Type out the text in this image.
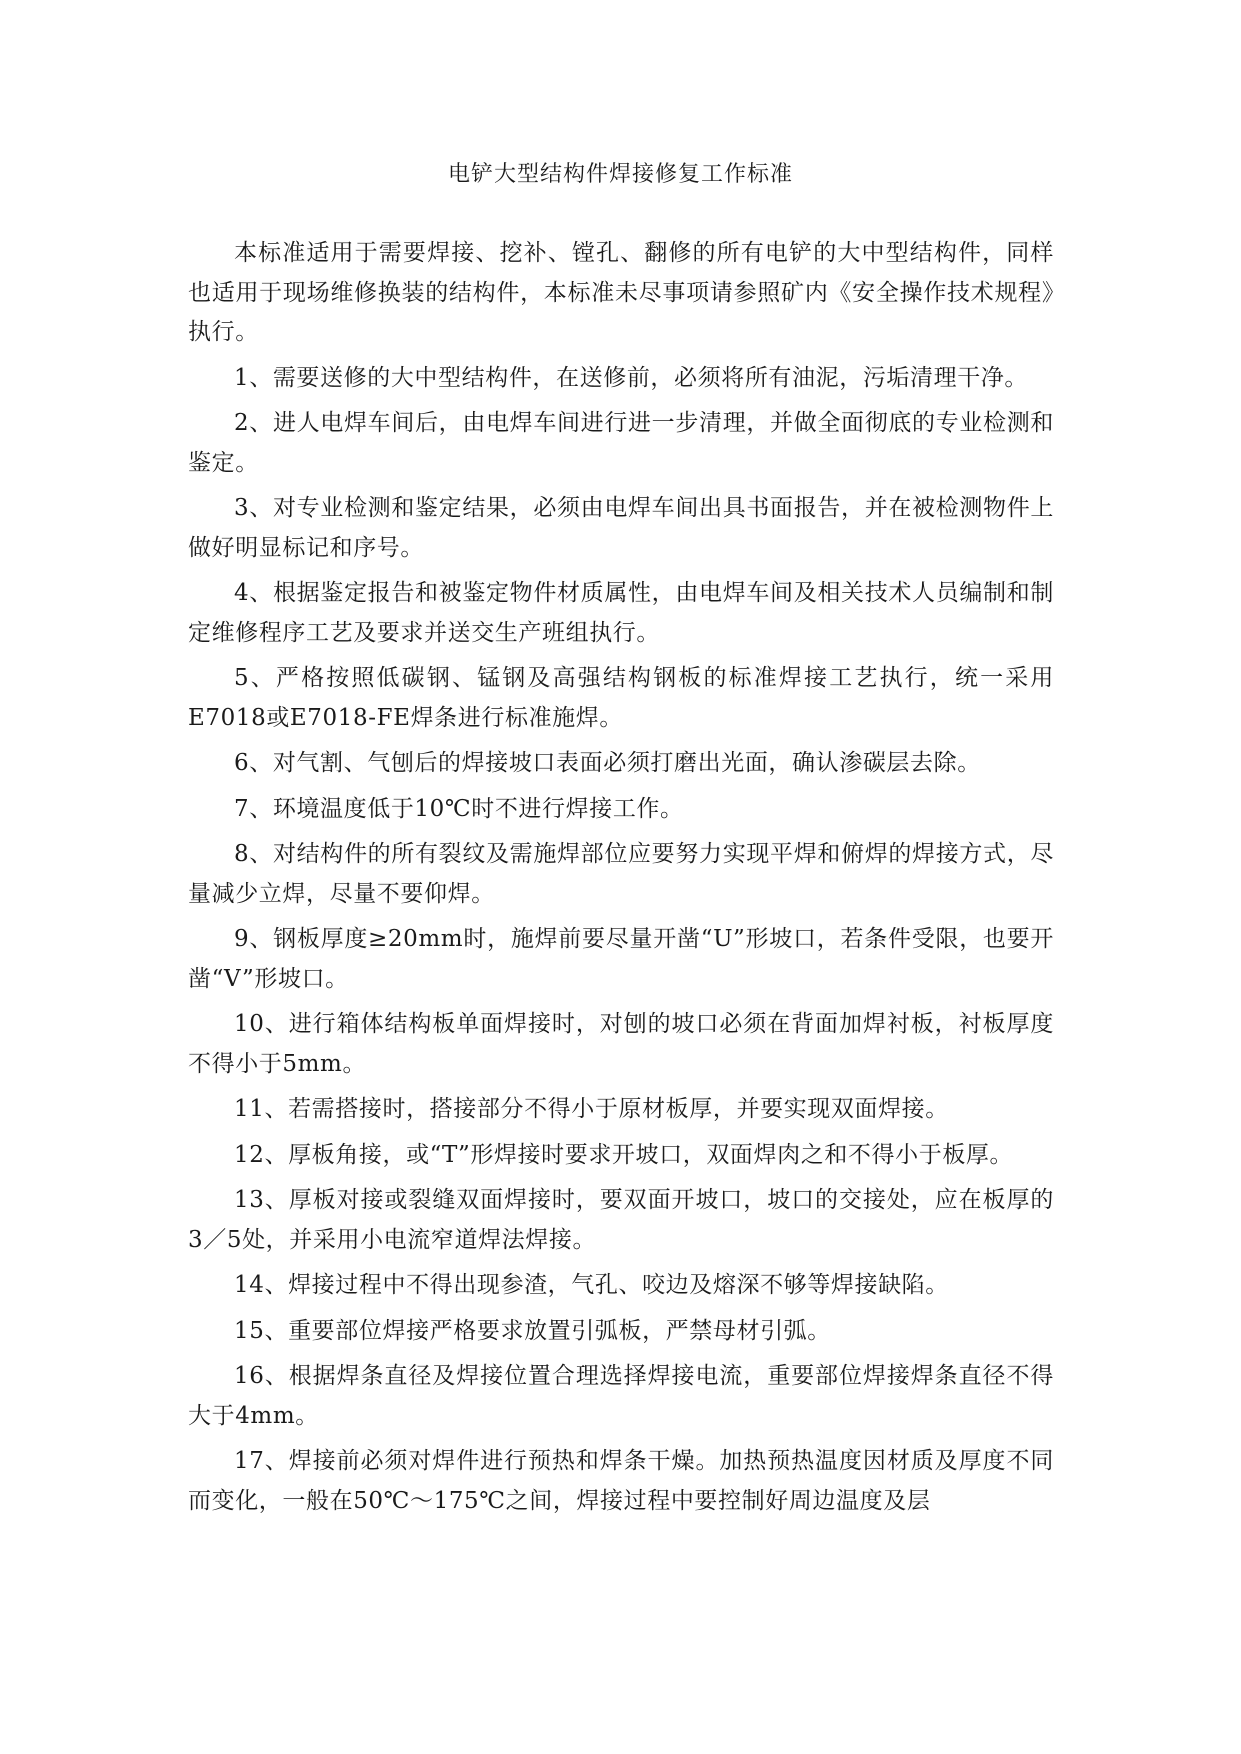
电铲大型结构件焊接修复工作标准

本标准适用于需要焊接、挖补、镗孔、翻修的所有电铲的大中型结构件，同样也适用于现场维修换装的结构件，本标准未尽事项请参照矿内《安全操作技术规程》执行。

1、需要送修的大中型结构件，在送修前，必须将所有油泥，污垢清理干净。

2、进人电焊车间后，由电焊车间进行进一步清理，并做全面彻底的专业检测和鉴定。

3、对专业检测和鉴定结果，必须由电焊车间出具书面报告，并在被检测物件上做好明显标记和序号。

4、根据鉴定报告和被鉴定物件材质属性，由电焊车间及相关技术人员编制和制定维修程序工艺及要求并送交生产班组执行。

5、严格按照低碳钢、锰钢及高强结构钢板的标准焊接工艺执行，统一采用E7018或E7018-FE焊条进行标准施焊。

6、对气割、气刨后的焊接坡口表面必须打磨出光面，确认渗碳层去除。

7、环境温度低于10℃时不进行焊接工作。

8、对结构件的所有裂纹及需施焊部位应要努力实现平焊和俯焊的焊接方式，尽量减少立焊，尽量不要仰焊。

9、钢板厚度≥20mm时，施焊前要尽量开凿“U”形坡口，若条件受限，也要开凿“V”形坡口。

10、进行箱体结构板单面焊接时，对刨的坡口必须在背面加焊衬板，衬板厚度不得小于5mm。

11、若需搭接时，搭接部分不得小于原材板厚，并要实现双面焊接。

12、厚板角接，或“T”形焊接时要求开坡口，双面焊肉之和不得小于板厚。

13、厚板对接或裂缝双面焊接时，要双面开坡口，坡口的交接处，应在板厚的3／5处，并采用小电流窄道焊法焊接。

14、焊接过程中不得出现参渣，气孔、咬边及熔深不够等焊接缺陷。

15、重要部位焊接严格要求放置引弧板，严禁母材引弧。

16、根据焊条直径及焊接位置合理选择焊接电流，重要部位焊接焊条直径不得大于4mm。

17、焊接前必须对焊件进行预热和焊条干燥。加热预热温度因材质及厚度不同而变化，一般在50℃～175℃之间，焊接过程中要控制好周边温度及层
